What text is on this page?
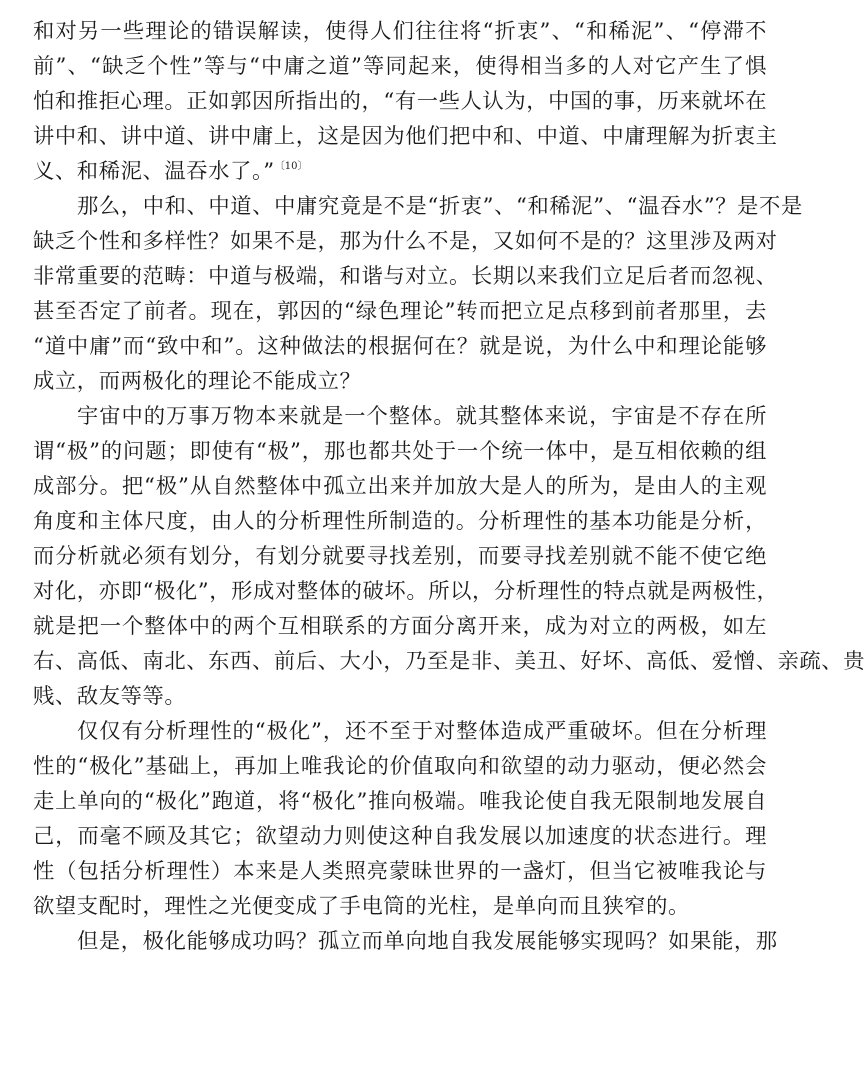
和对另一些理论的错误解读，使得人们往往将“折衷”、“和稀泥”、“停滞不
前”、“缺乏个性”等与“中庸之道”等同起来，使得相当多的人对它产生了惧
怕和推拒心理。正如郭因所指出的，“有一些人认为，中国的事，历来就坏在
讲中和、讲中道、讲中庸上，这是因为他们把中和、中道、中庸理解为折衷主
义、和稀泥、温吞水了。”$^{〔10〕}$
那么，中和、中道、中庸究竟是不是“折衷”、“和稀泥”、“温吞水”？是不是
缺乏个性和多样性？如果不是，那为什么不是，又如何不是的？这里涉及两对
非常重要的范畴：中道与极端，和谐与对立。长期以来我们立足后者而忽视、
甚至否定了前者。现在，郭因的“绿色理论”转而把立足点移到前者那里，去
“道中庸”而“致中和”。这种做法的根据何在？就是说，为什么中和理论能够
成立，而两极化的理论不能成立？
宇宙中的万事万物本来就是一个整体。就其整体来说，宇宙是不存在所
谓“极”的问题；即使有“极”，那也都共处于一个统一体中，是互相依赖的组
成部分。把“极”从自然整体中孤立出来并加放大是人的所为，是由人的主观
角度和主体尺度，由人的分析理性所制造的。分析理性的基本功能是分析，
而分析就必须有划分，有划分就要寻找差别，而要寻找差别就不能不使它绝
对化，亦即“极化”，形成对整体的破坏。所以，分析理性的特点就是两极性，
就是把一个整体中的两个互相联系的方面分离开来，成为对立的两极，如左
右、高低、南北、东西、前后、大小，乃至是非、美丑、好坏、高低、爱憎、亲疏、贵
贱、敌友等等。
仅仅有分析理性的“极化”，还不至于对整体造成严重破坏。但在分析理
性的“极化”基础上，再加上唯我论的价值取向和欲望的动力驱动，便必然会
走上单向的“极化”跑道，将“极化”推向极端。唯我论使自我无限制地发展自
己，而毫不顾及其它；欲望动力则使这种自我发展以加速度的状态进行。理
性（包括分析理性）本来是人类照亮蒙昧世界的一盏灯，但当它被唯我论与
欲望支配时，理性之光便变成了手电筒的光柱，是单向而且狭窄的。
但是，极化能够成功吗？孤立而单向地自我发展能够实现吗？如果能，那
